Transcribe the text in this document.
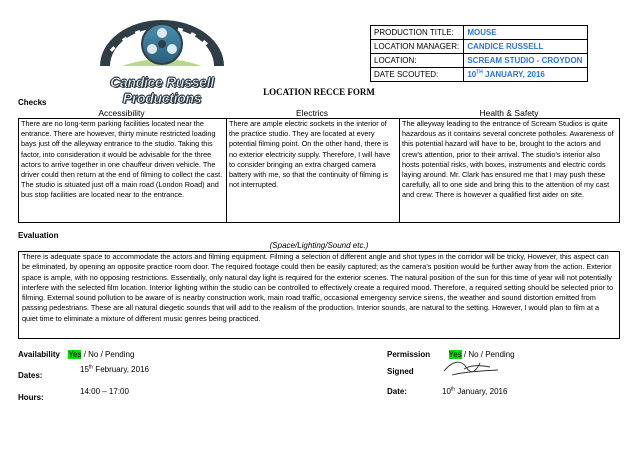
Candice Russell Productions
PRODUCTION TITLE:	MOUSE
LOCATION MANAGER:	CANDICE RUSSELL
LOCATION:	SCREAM STUDIO - CROYDON
DATE SCOUTED:	10TH JANUARY, 2016
LOCATION RECCE FORM
Checks
Accessibility	Electrics	Health & Safety
There are no long-term parking facilities located near the entrance. There are however, thirty minute restricted loading bays just off the alleyway entrance to the studio. Taking this factor, into consideration it would be advisable for the three actors to arrive together in one chauffeur driven vehicle. The driver could then return at the end of filming to collect the cast. The studio is situated just off a main road (London Road) and bus stop facilities are located near to the entrance.	There are ample electric sockets in the interior of the practice studio. They are located at every potential filming point. On the other hand, there is no exterior electricity supply. Therefore, I will have to consider bringing an extra charged camera battery with me, so that the continuity of filming is not interrupted.	The alleyway leading to the entrance of Scream Studios is quite hazardous as it contains several concrete potholes. Awareness of this potential hazard will have to be, brought to the actors and crew’s attention, prior to their arrival. The studio’s interior also hosts potential risks, with boxes, instruments and electric cords laying around. Mr. Clark has ensured me that I may push these carefully, all to one side and bring this to the attention of my cast and crew. There is however a qualified first aider on site.
Evaluation
(Space/Lighting/Sound etc.)
There is adequate space to accommodate the actors and filming equipment. Filming a selection of different angle and shot types in the corridor will be tricky, However, this aspect can be eliminated, by opening an opposite practice room door. The required footage could then be easily captured; as the camera’s position would be further away from the action. Exterior space is ample, with no opposing restrictions. Essentially, only natural day light is required for the exterior scenes. The natural position of the sun for this time of year will not potentially interfere with the selected film location. Interior lighting within the studio can be controlled to effectively create a required mood. Therefore, a required setting should be selected prior to filming. External sound pollution to be aware of is nearby construction work, main road traffic, occasional emergency service sirens, the weather and sound distortion emitted from passing pedestrians. These are all natural diegetic sounds that will add to the realism of the production. Interior sounds, are natural to the setting. However, I would plan to film at a quiet time to eliminate a mixture of different music genres being practiced.
Availability Yes / No / Pending	Permission Yes / No / Pending
Dates:
15th February, 2016	Signed
Hours:
14:00 – 17:00	Date:	10th January, 2016
